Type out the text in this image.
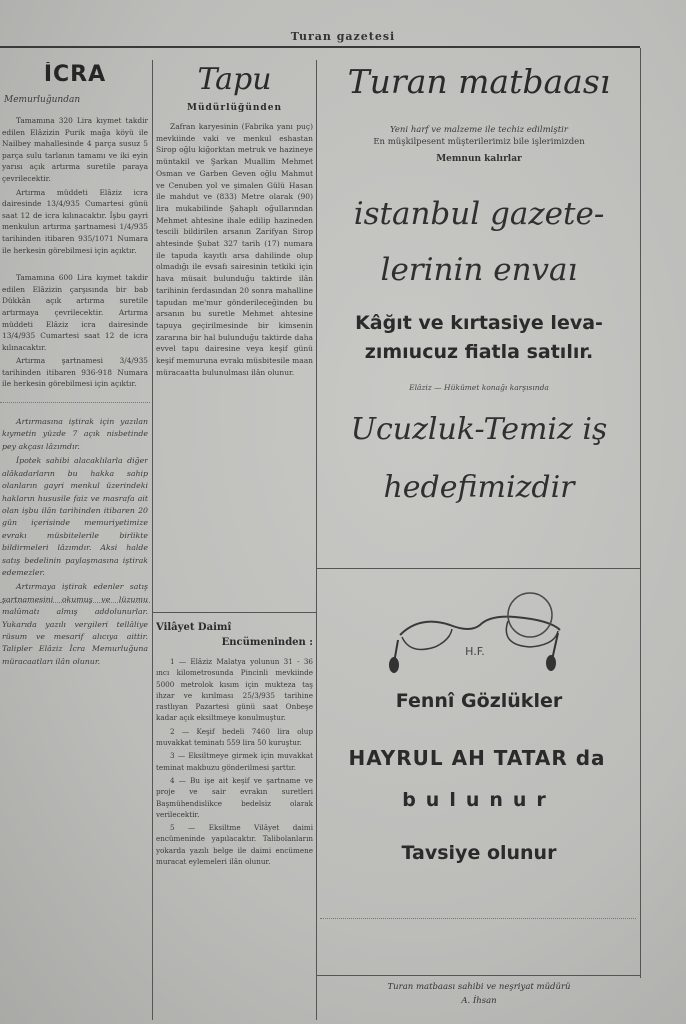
Turan gazetesi
İCRA
Memurluğundan

Tamamına 320 Lira kıymet takdir edilen Elâzizin Purik mağa köyü ile Nailbey mahallesinde 4 parça susuz 5 parça sulu tarlanın tamamı ve iki eyin yarısı açık artırma suretile paraya çevrilecektir.

Artırma müddeti Elâziz icra dairesinde 13/4/935 Cumartesi günü saat 12 de icra kılınacaktır. İşbu gayri menkulun artırma şartnamesi 1/4/935 tarihinden itibaren 935/1071 Numara ile herkesin görebilmesi için açıktır.

Tamamına 600 Lira kıymet takdir edilen Elâzizin çarşısında bir bab Dükkân açık artırma suretile artırmaya çevrilecektir. Artırma müddeti Elâziz icra dairesinde 13/4/935 Cumartesi saat 12 de icra kılınacaktır.

Artırma şartnamesi 3/4/935 tarihinden itibaren 936-918 Numara ile herkesin görebilmesi için açıktır.

Artırmasına iştirak için yazılan kıymetin yüzde 7 açık nisbetinde pey akçası lâzımdır.

İpotek sahibi alacaklılarla diğer alâkadarların bu hakka sahip olanların gayri menkul üzerindeki hakların hususile faiz ve masrafa ait olan işbu ilân tarihinden itibaren 20 gün içerisinde memuriyetimize evrakı müsbitelerile birlikte bildirmeleri lâzımdır. Aksi halde satış bedelinin paylaşmasına iştirak edemezler.

Artırmaya iştirak edenler satış şartnamesini okumuş ve lüzumu malûmatı almış addolunurlar. Yukarıda yazılı vergileri tellâliye rüsum ve mesarif alıcıya aittir. Talipler Elâziz İcra Memurluğuna müracaatları ilân olunur.

Tapu
Müdürlüğünden

Zafran karyesinin (Fabrika yanı puç) mevkiinde vaki ve menkul eshastan Sirop oğlu kiğorktan metruk ve hazineye müntakil ve Şarkan Muallim Mehmet Osman ve Garben Geven oğlu Mahmut ve Cenuben yol ve şimalen Gülü Hasan ile mahdut ve (833) Metre olarak (90) lira mukabilinde Şahaplı oğullarından Mehmet ahtesine ihale edilip hazineden tescili bildirilen arsanın Zarifyan Sirop ahtesinde Şubat 327 tarih (17) numara ile tapuda kayıtlı arsa dahilinde olup olmadığı ile evsafı sairesinin tetkiki için hava müsait bulunduğu taktirde ilân tarihinin ferdasından 20 sonra mahalline tapudan me'mur gönderileceğinden bu arsanın bu suretle Mehmet ahtesine tapuya geçirilmesinde bir kimsenin zararına bir hal bulunduğu taktirde daha evvel tapu dairesine veya keşif günü keşif memuruna evrakı müsbitesile maan müracaatta bulunulması ilân olunur.

Vilâyet Daimî
Encümeninden :

1 — Elâziz Malatya yolunun 31 - 36 ıncı kilometrosunda Pincinli mevkiinde 5000 metrolok kısım için mukteza taş ihzar ve kırılması 25/3/935 tarihine rastlıyan Pazartesi günü saat Onbeşe kadar açık eksiltmeye konulmuştur.

2 — Keşif bedeli 7460 lira olup muvakkat teminatı 559 lira 50 kuruştur.

3 — Eksiltmeye girmek için muvakkat teminat makbuzu gönderilmesi şarttır.

4 — Bu işe ait keşif ve şartname ve proje ve sair evrakın suretleri Başmühendislikce bedelsiz olarak verilecektir.

5 — Eksiltme Vilâyet daimi encümeninde yapılacaktır. Talibolanların yokarda yazılı belge ile daimi encümene muracat eylemeleri ilân olunur.

Turan matbaası
Yeni harf ve malzeme ile techiz edilmiştir
En müşkilpesent müşterilerimiz bile işlerimizden
Memnun kalırlar
istanbul gazete-
lerinin envaı
Kâğıt ve kırtasiye leva-
zımıucuz fiatla satılır.
Elâziz — Hükümet konağı karşısında
Ucuzluk-Temiz iş
hedefimizdir
H.F.
Fennî Gözlükler
HAYRUL AH TATAR da
bulunur
Tavsiye olunur
Turan matbaası sahibi ve neşriyat müdürü
A. İhsan
